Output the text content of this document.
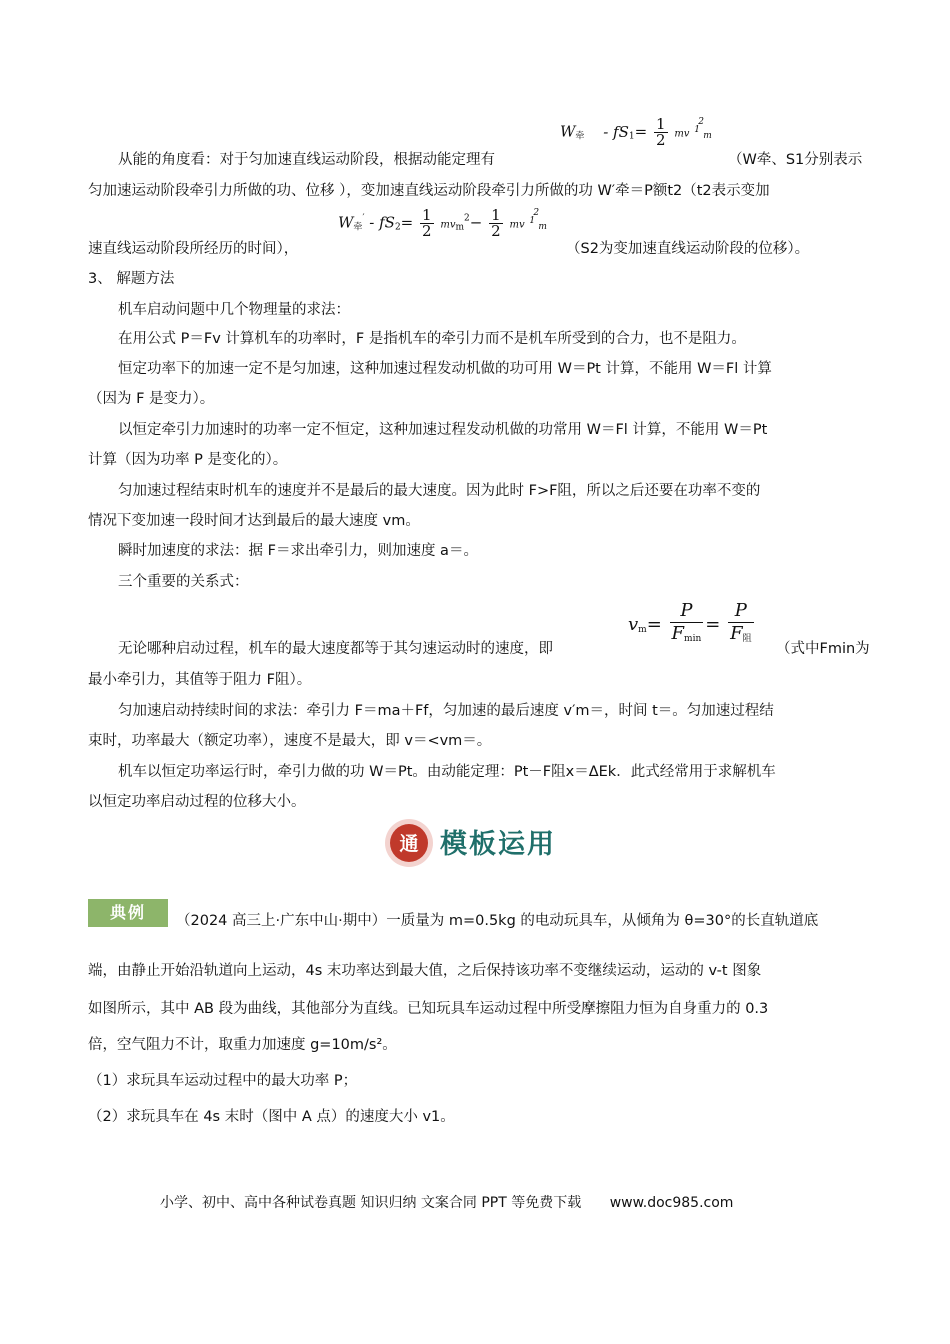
$W_牵 - fS_1= \frac{1}{2}$ mv
2
1
m
从能的角度看：对于匀加速直线运动阶段，根据动能定理有	（W牵、S1分别表示
匀加速运动阶段牵引力所做的功、位移 ），变加速直线运动阶段牵引力所做的功 W′牵＝P额t2（t2表示变加
$W_牵' - fS_2= \frac{1}{2} mv_m^2- \frac{1}{2}$ mv
2
1
m
速直线运动阶段所经历的时间），	（S2为变加速直线运动阶段的位移）。
3、 解题方法
机车启动问题中几个物理量的求法：
在用公式 P＝Fv 计算机车的功率时，F 是指机车的牵引力而不是机车所受到的合力，也不是阻力。
恒定功率下的加速一定不是匀加速，这种加速过程发动机做的功可用 W＝Pt 计算，不能用 W＝Fl 计算
（因为 F 是变力）。
以恒定牵引力加速时的功率一定不恒定，这种加速过程发动机做的功常用 W＝Fl 计算，不能用 W＝Pt
计算（因为功率 P 是变化的）。
匀加速过程结束时机车的速度并不是最后的最大速度。因为此时 F>F阻，所以之后还要在功率不变的
情况下变加速一段时间才达到最后的最大速度 vm。
瞬时加速度的求法：据 F＝求出牵引力，则加速度 a＝。
三个重要的关系式：
$v_m= \frac{P}{F_{min}} = \frac{P}{F_阻}$
无论哪种启动过程，机车的最大速度都等于其匀速运动时的速度，即	（式中Fmin为
最小牵引力，其值等于阻力 F阻）。
匀加速启动持续时间的求法：牵引力 F＝ma＋Ff，匀加速的最后速度 v′m＝，时间 t＝。匀加速过程结
束时，功率最大（额定功率），速度不是最大，即 v＝<vm＝。
机车以恒定功率运行时，牵引力做的功 W＝Pt。由动能定理：Pt－F阻x＝ΔEk．此式经常用于求解机车
以恒定功率启动过程的位移大小。
通 模板运用
典例	（2024 高三上·广东中山·期中）一质量为 m=0.5kg 的电动玩具车，从倾角为 θ=30°的长直轨道底
端，由静止开始沿轨道向上运动，4s 末功率达到最大值，之后保持该功率不变继续运动，运动的 v-t 图象
如图所示，其中 AB 段为曲线，其他部分为直线。已知玩具车运动过程中所受摩擦阻力恒为自身重力的 0.3
倍，空气阻力不计，取重力加速度 g=10m/s²。
（1）求玩具车运动过程中的最大功率 P；
（2）求玩具车在 4s 末时（图中 A 点）的速度大小 v1。
小学、初中、高中各种试卷真题 知识归纳 文案合同 PPT 等免费下载 www.doc985.com
